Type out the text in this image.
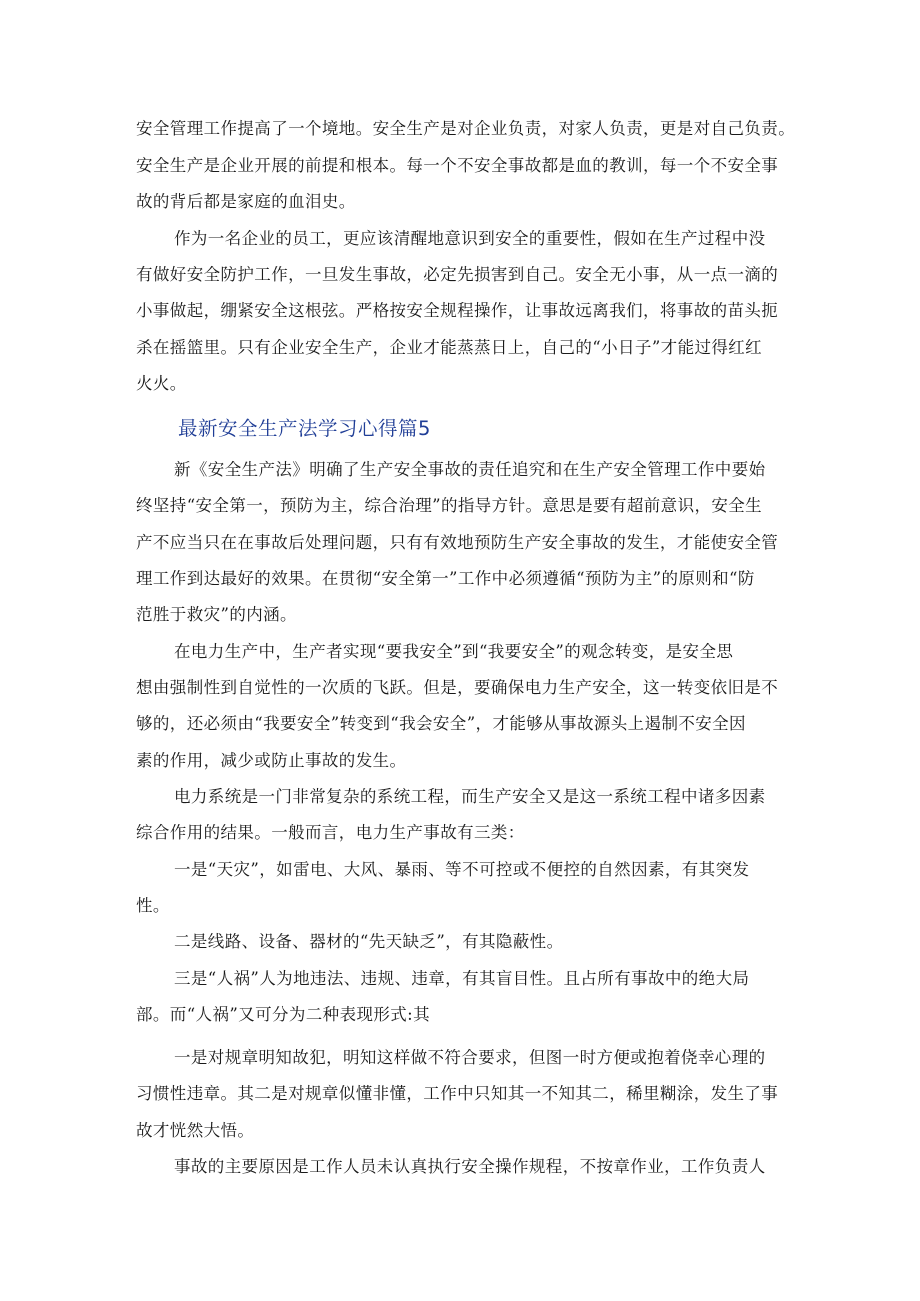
安全管理工作提高了一个境地。安全生产是对企业负责，对家人负责，更是对自己负责。
安全生产是企业开展的前提和根本。每一个不安全事故都是血的教训，每一个不安全事
故的背后都是家庭的血泪史。
作为一名企业的员工，更应该清醒地意识到安全的重要性，假如在生产过程中没
有做好安全防护工作，一旦发生事故，必定先损害到自己。安全无小事，从一点一滴的
小事做起，绷紧安全这根弦。严格按安全规程操作，让事故远离我们，将事故的苗头扼
杀在摇篮里。只有企业安全生产，企业才能蒸蒸日上，自己的“小日子”才能过得红红
火火。
最新安全生产法学习心得篇5
新《安全生产法》明确了生产安全事故的责任追究和在生产安全管理工作中要始
终坚持“安全第一，预防为主，综合治理”的指导方针。意思是要有超前意识，安全生
产不应当只在在事故后处理问题，只有有效地预防生产安全事故的发生，才能使安全管
理工作到达最好的效果。在贯彻“安全第一”工作中必须遵循“预防为主”的原则和“防
范胜于救灾”的内涵。
在电力生产中，生产者实现“要我安全”到“我要安全”的观念转变，是安全思
想由强制性到自觉性的一次质的飞跃。但是，要确保电力生产安全，这一转变依旧是不
够的，还必须由“我要安全”转变到“我会安全”，才能够从事故源头上遏制不安全因
素的作用，减少或防止事故的发生。
电力系统是一门非常复杂的系统工程，而生产安全又是这一系统工程中诸多因素
综合作用的结果。一般而言，电力生产事故有三类：
一是“天灾”，如雷电、大风、暴雨、等不可控或不便控的自然因素，有其突发
性。
二是线路、设备、器材的“先天缺乏”，有其隐蔽性。
三是“人祸”人为地违法、违规、违章，有其盲目性。且占所有事故中的绝大局
部。而“人祸”又可分为二种表现形式:其
一是对规章明知故犯，明知这样做不符合要求，但图一时方便或抱着侥幸心理的
习惯性违章。其二是对规章似懂非懂，工作中只知其一不知其二，稀里糊涂，发生了事
故才恍然大悟。
事故的主要原因是工作人员未认真执行安全操作规程，不按章作业，工作负责人
